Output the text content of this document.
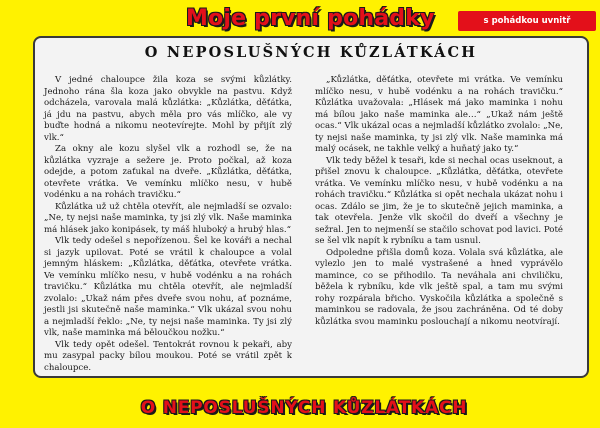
Moje první pohádky	s pohádkou uvnitř
O NEPOSLUŠNÝCH KŮZLÁTKÁCH

V jedné chaloupce žila koza se svými kůzlátky. Jednoho rána šla koza jako obvykle na pastvu. Když odcházela, varovala malá kůzlátka: „Kůzlátka, děťátka, já jdu na pastvu, abych měla pro vás mlíčko, ale vy buďte hodná a nikomu neotevírejte. Mohl by přijít zlý vlk.“

Za okny ale kozu slyšel vlk a rozhodl se, že na kůzlátka vyzraje a sežere je. Proto počkal, až koza odejde, a potom zaťukal na dveře. „Kůzlátka, děťátka, otevřete vrátka. Ve vemínku mlíčko nesu, v hubě vodénku a na rohách travičku.“

Kůzlátka už už chtěla otevřít, ale nejmladší se ozvalo: „Ne, ty nejsi naše maminka, ty jsi zlý vlk. Naše maminka má hlásek jako konipásek, ty máš hluboký a hrubý hlas.“

Vlk tedy odešel s nepořízenou. Šel ke kováři a nechal si jazyk upilovat. Poté se vrátil k chaloupce a volal jemným hláskem: „Kůzlátka, děťátka, otevřete vrátka. Ve vemínku mlíčko nesu, v hubě vodénku a na rohách travičku.“ Kůzlátka mu chtěla otevřít, ale nejmladší zvolalo: „Ukaž nám přes dveře svou nohu, ať poznáme, jestli jsi skutečně naše maminka.“ Vlk ukázal svou nohu a nejmladší řeklo: „Ne, ty nejsi naše maminka. Ty jsi zlý vlk, naše maminka má běloučkou nožku.“

Vlk tedy opět odešel. Tentokrát rovnou k pekaři, aby mu zasypal packy bílou moukou. Poté se vrátil zpět k chaloupce.

„Kůzlátka, děťátka, otevřete mi vrátka. Ve vemínku mlíčko nesu, v hubě vodénku a na rohách travičku.“ Kůzlátka uvažovala: „Hlásek má jako maminka i nohu má bílou jako naše maminka ale…“ „Ukaž nám ještě ocas.“ Vlk ukázal ocas a nejmladší kůzlátko zvolalo: „Ne, ty nejsi naše maminka, ty jsi zlý vlk. Naše maminka má malý ocásek, ne takhle velký a huňatý jako ty.“

Vlk tedy běžel k tesaři, kde si nechal ocas useknout, a přišel znovu k chaloupce. „Kůzlátka, děťátka, otevřete vrátka. Ve vemínku mlíčko nesu, v hubě vodénku a na rohách travičku.“ Kůzlátka si opět nechala ukázat nohu i ocas. Zdálo se jim, že je to skutečně jejich maminka, a tak otevřela. Jenže vlk skočil do dveří a všechny je sežral. Jen to nejmenší se stačilo schovat pod lavici. Poté se šel vlk napít k rybníku a tam usnul.

Odpoledne přišla domů koza. Volala svá kůzlátka, ale vylezlo jen to malé vystrašené a hned vyprávělo mamince, co se přihodilo. Ta neváhala ani chviličku, běžela k rybníku, kde vlk ještě spal, a tam mu svými rohy rozpárala břicho. Vyskočila kůzlátka a společně s maminkou se radovala, že jsou zachráněna. Od té doby kůzlátka svou maminku poslouchají a nikomu neotvírají.

O NEPOSLUŠNÝCH KŮZLÁTKÁCH
